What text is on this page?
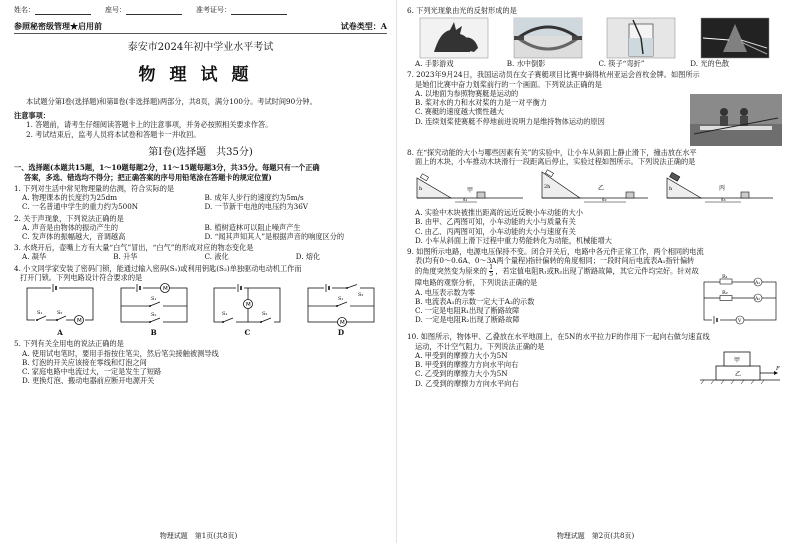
姓名：	座号：	准考证号：
参照秘密级管理★启用前	试卷类型：A
泰安市2024年初中学业水平考试
物理试题
本试题分第Ⅰ卷(选择题)和第Ⅱ卷(非选择题)两部分，共8页，满分100分。考试时间90分钟。
注意事项：
1. 答题前，请考生仔细阅读答题卡上的注意事项，并务必按照相关要求作答。
2. 考试结束后，监考人员将本试卷和答题卡一并收回。
第Ⅰ卷(选择题　共35分)
一、选择题(本题共15题，1～10题每题2分，11～15题每题3分，共35分。每题只有一个正确
答案，多选、错选均不得分；把正确答案的序号用铅笔涂在答题卡的规定位置)
1. 下列对生活中常见物理量的估测，符合实际的是
A. 物理课本的长度约为25dm	B. 成年人步行的速度约为5m/s
C. 一名普通中学生的重力约为500N	D. 一节新干电池的电压约为36V
2. 关于声现象，下列说法正确的是
A. 声音是由物体的振动产生的	B. 植树造林可以阻止噪声产生
C. 发声体的振幅越大，音调越高	D. “闻其声知其人”是根据声音的响度区分的
3. 水烧开后，壶嘴上方有大量“白气”冒出，“白气”的形成对应的物态变化是
A. 凝华	B. 升华	C. 液化	D. 熔化
4. 小文同学家安装了密码门锁，能通过输入密码(S₁)或利用钥匙(S₂)单独驱动电动机工作而
打开门锁。下列电路设计符合要求的是
M
S₁	S₂
A
M
S₁
S₂
B
M
S₁	S₂
C
M
S₂
S₁
D
5. 下列有关全用电的说法正确的是
A. 使用试电笔时，要用手指按住笔尖，然后笔尖接触被测导线
B. 灯泡的开关应该接在零线和灯泡之间
C. 家庭电路中电流过大，一定是发生了短路
D. 更换灯泡、搬动电器前应断开电源开关
物理试题　第1页(共8页)
6. 下列光现象由光的反射形成的是
A. 手影游戏	B. 水中倒影	C. 筷子“弯折”	D. 光的色散
7. 2023年9月24日，我国运动员在女子赛艇项目比赛中摘得杭州亚运会首枚金牌。如图所示
是她们比赛中奋力划桨前行的一个画面。下列说法正确的是
A. 以地面为参照物赛艇是运动的
B. 桨对水的力和水对桨的力是一对平衡力
C. 赛艇的速度越大惯性越大
D. 连续划桨使赛艇不停地前进说明力是维持物体运动的原因
8. 在“探究动能的大小与哪些因素有关”的实验中，让小车从斜面上静止滑下，撞击放在水平
面上的木块，小车推动木块滑行一段距离后停止，实验过程如图所示。下列说法正确的是
s₁
h	甲
s₂
2h	乙
s₃
h	丙
A. 实验中木块被推出距离的远近反映小车动能的大小
B. 由甲、乙两图可知，小车动能的大小与质量有关
C. 由乙、丙两图可知，小车动能的大小与速度有关
D. 小车从斜面上滑下过程中重力势能转化为动能，机械能增大
9. 如图所示电路，电源电压保持不变。闭合开关后，电路中各元件正常工作，两个相同的电流
表(均有0～0.6A、0～3A两个量程)指针偏转的角度相同；一段时间后电流表A₁指针偏转
的角度突然变为原来的 $\frac{1}{5}$ ，若定值电阻R₁或R₂出现了断路故障，其它元件均完好。针对故
障电路的观察分析，下列说法正确的是
A. 电压表示数为零
B. 电流表A₁的示数一定大于A₂的示数
C. 一定是电阻R₁出现了断路故障
D. 一定是电阻R₂出现了断路故障
R₁
R₂
A₁
A₂
V
10. 如图所示，物体甲、乙叠放在水平地面上，在5N的水平拉力F的作用下一起向右做匀速直线
运动，不计空气阻力。下列说法正确的是
A. 甲受到的摩擦力大小为5N
B. 甲受到的摩擦力方向水平向右
C. 乙受到的摩擦力大小为5N
D. 乙受到的摩擦力方向水平向右
甲
乙
F
物理试题　第2页(共8页)
